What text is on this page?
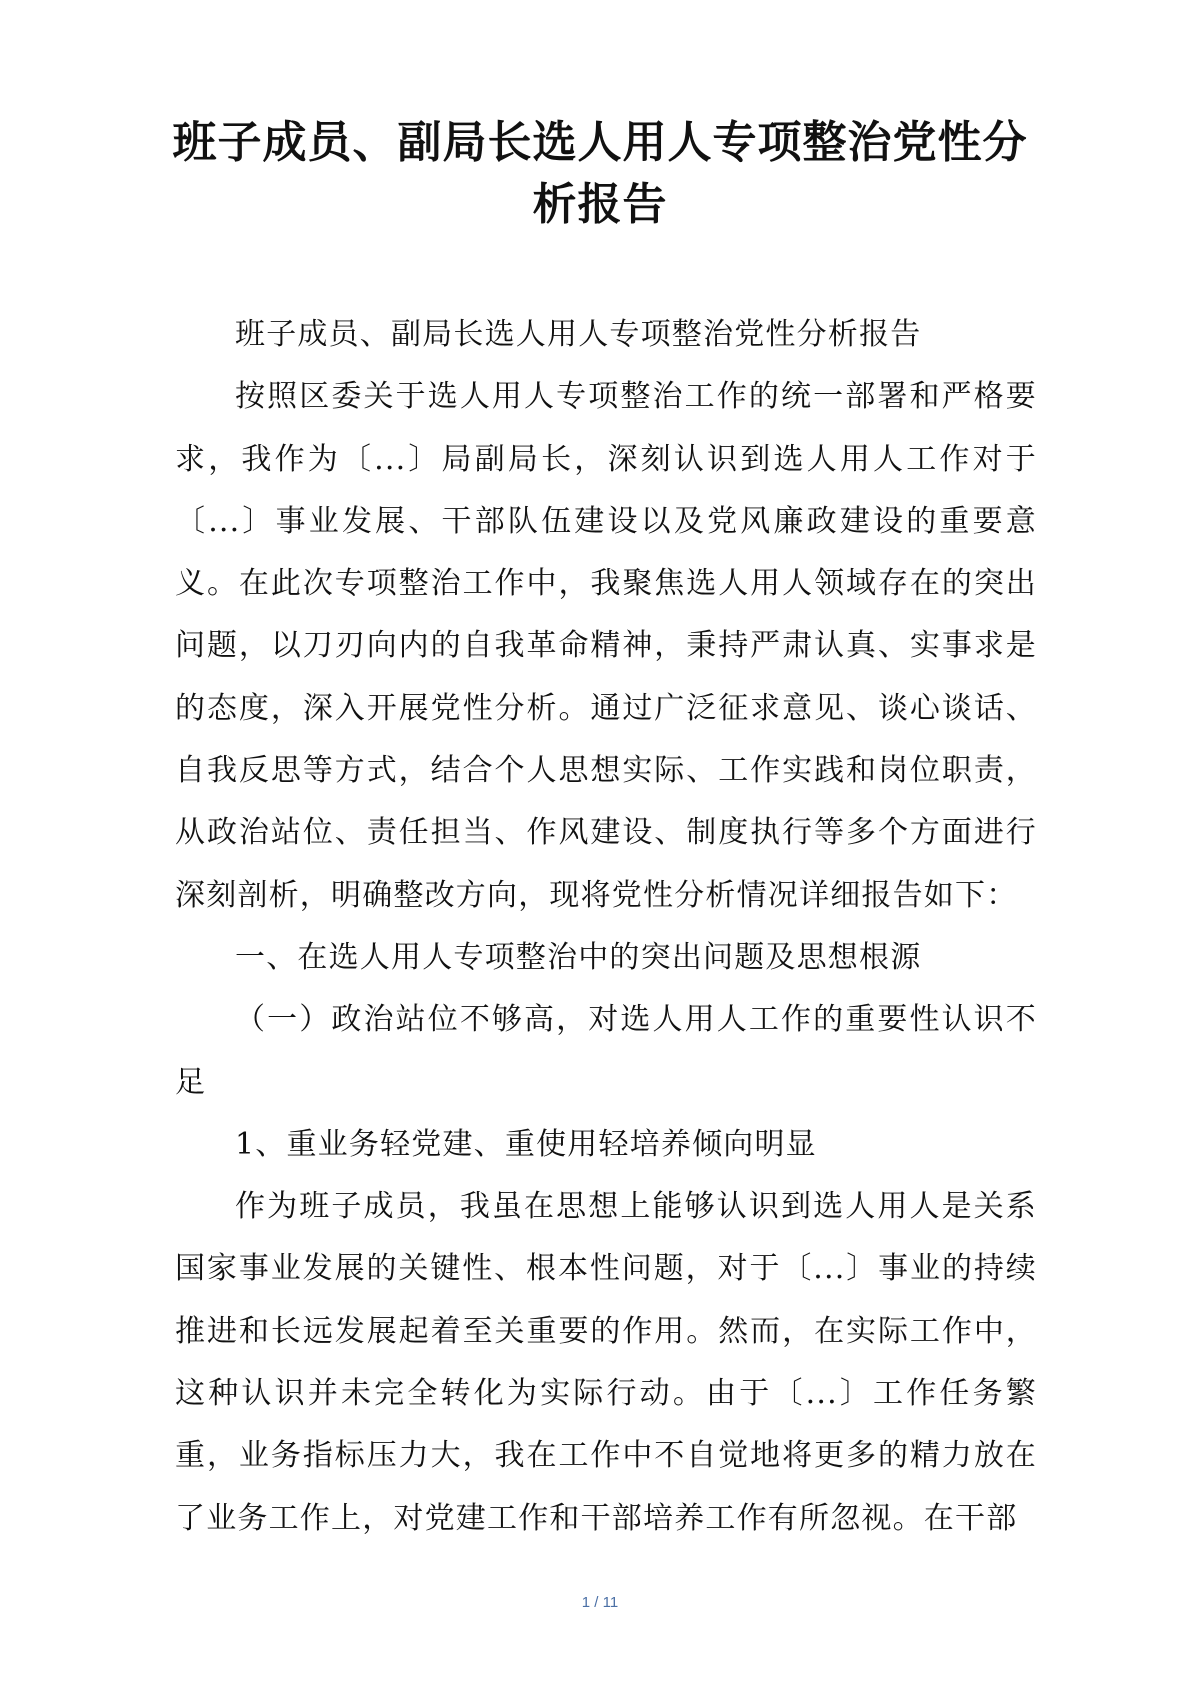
班子成员、副局长选人用人专项整治党性分析报告

班子成员、副局长选人用人专项整治党性分析报告

按照区委关于选人用人专项整治工作的统一部署和严格要求，我作为〔...〕局副局长，深刻认识到选人用人工作对于〔...〕事业发展、干部队伍建设以及党风廉政建设的重要意义。在此次专项整治工作中，我聚焦选人用人领域存在的突出问题，以刀刃向内的自我革命精神，秉持严肃认真、实事求是的态度，深入开展党性分析。通过广泛征求意见、谈心谈话、自我反思等方式，结合个人思想实际、工作实践和岗位职责，从政治站位、责任担当、作风建设、制度执行等多个方面进行深刻剖析，明确整改方向，现将党性分析情况详细报告如下：

一、在选人用人专项整治中的突出问题及思想根源

（一）政治站位不够高，对选人用人工作的重要性认识不足

1、重业务轻党建、重使用轻培养倾向明显

作为班子成员，我虽在思想上能够认识到选人用人是关系国家事业发展的关键性、根本性问题，对于〔...〕事业的持续推进和长远发展起着至关重要的作用。然而，在实际工作中，这种认识并未完全转化为实际行动。由于〔...〕工作任务繁重，业务指标压力大，我在工作中不自觉地将更多的精力放在了业务工作上，对党建工作和干部培养工作有所忽视。在干部

1 / 11
